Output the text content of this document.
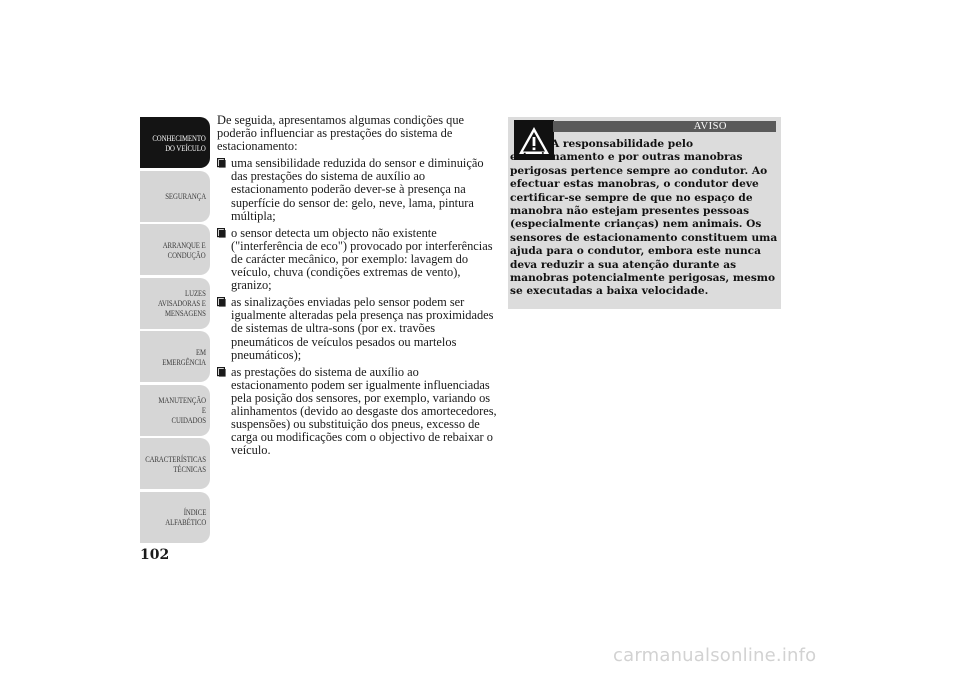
CONHECIMENTO
DO VEÍCULO
SEGURANÇA
ARRANQUE E
CONDUÇÃO
LUZES
AVISADORAS E
MENSAGENS
EM EMERGÊNCIA
MANUTENÇÃO E
CUIDADOS
CARACTERÍSTICAS
TÉCNICAS
ÍNDICE
ALFABÉTICO
102

De seguida, apresentamos algumas condições que poderão influenciar as prestações do sistema de estacionamento:

uma sensibilidade reduzida do sensor e diminuição das prestações do sistema de auxílio ao estacionamento poderão dever-se à presença na superfície do sensor de: gelo, neve, lama, pintura múltipla;
o sensor detecta um objecto não existente ("interferência de eco") provocado por interferências de carácter mecânico, por exemplo: lavagem do veículo, chuva (condições extremas de vento), granizo;
as sinalizações enviadas pelo sensor podem ser igualmente alteradas pela presença nas proximidades de sistemas de ultra-sons (por ex. travões pneumáticos de veículos pesados ou martelos pneumáticos);
as prestações do sistema de auxílio ao estacionamento podem ser igualmente influenciadas pela posição dos sensores, por exemplo, variando os alinhamentos (devido ao desgaste dos amortecedores, suspensões) ou substituição dos pneus, excesso de carga ou modificações com o objectivo de rebaixar o veículo.
AVISO
A responsabilidade pelo estacionamento e por outras manobras perigosas pertence sempre ao condutor. Ao efectuar estas manobras, o condutor deve certificar-se sempre de que no espaço de manobra não estejam presentes pessoas (especialmente crianças) nem animais. Os sensores de estacionamento constituem uma ajuda para o condutor, embora este nunca deva reduzir a sua atenção durante as manobras potencialmente perigosas, mesmo se executadas a baixa velocidade.
carmanualsonline.info
